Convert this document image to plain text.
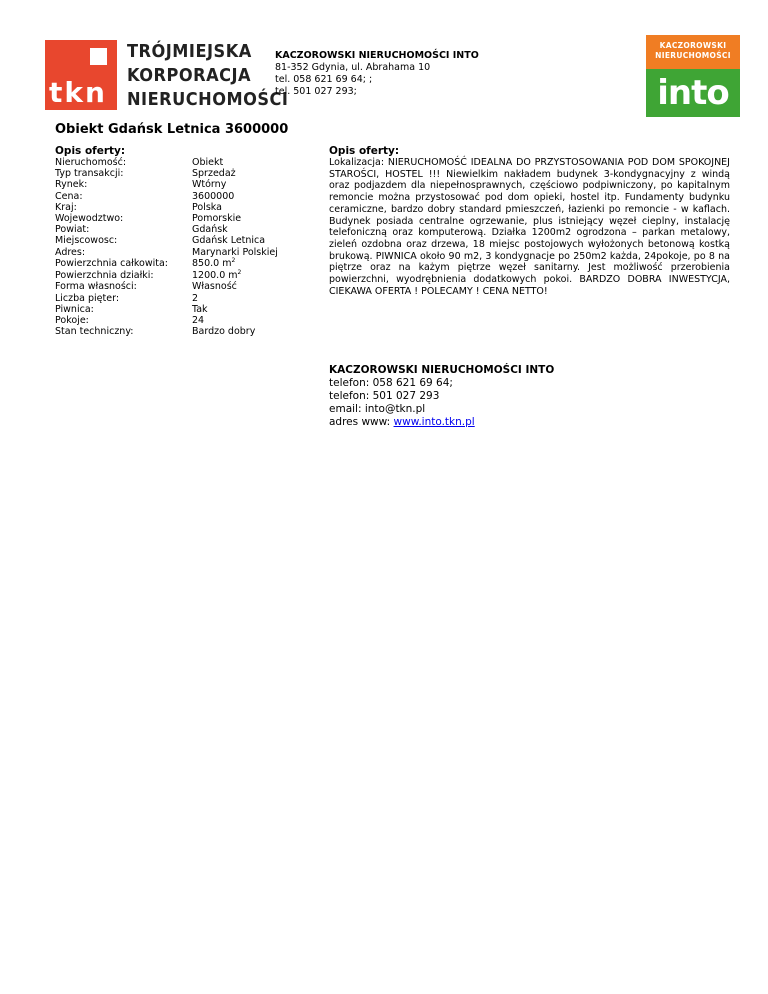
tkn
TRÓJMIEJSKA
KORPORACJA
NIERUCHOMOŚCI
KACZOROWSKI NIERUCHOMOŚCI INTO
81-352 Gdynia, ul. Abrahama 10
tel. 058 621 69 64; ;
tel. 501 027 293;
KACZOROWSKI
NIERUCHOMOŚCI
into
Obiekt Gdańsk Letnica 3600000
Opis oferty:	Opis oferty:
Nieruchomość:	Obiekt
Typ transakcji:	Sprzedaż
Rynek:	Wtórny
Cena:	3600000
Kraj:	Polska
Wojewodztwo:	Pomorskie
Powiat:	Gdańsk
Miejscowosc:	Gdańsk Letnica
Adres:	Marynarki Polskiej
Powierzchnia całkowita:	850.0 $m^2$
Powierzchnia działki:	1200.0 $m^2$
Forma własności:	Własność
Liczba pięter:	2
Piwnica:	Tak
Pokoje:	24
Stan techniczny:	Bardzo dobry
Lokalizacja: NIERUCHOMOŚĆ IDEALNA DO PRZYSTOSOWANIA POD DOM SPOKOJNEJ STAROŚCI, HOSTEL !!! Niewielkim nakładem budynek 3-kondygnacyjny z windą oraz podjazdem dla niepełnosprawnych, częściowo podpiwniczony, po kapitalnym remoncie można przystosować pod dom opieki, hostel itp. Fundamenty budynku ceramiczne, bardzo dobry standard pmieszczeń, łazienki po remoncie - w kaflach. Budynek posiada centralne ogrzewanie, plus istniejący węzeł cieplny, instalację telefoniczną oraz komputerową. Działka 1200m2 ogrodzona – parkan metalowy, zieleń ozdobna oraz drzewa, 18 miejsc postojowych wyłożonych betonową kostką brukową. PIWNICA około 90 m2, 3 kondygnacje po 250m2 każda, 24pokoje, po 8 na piętrze oraz na każym piętrze węzeł sanitarny. Jest możliwość przerobienia powierzchni, wyodrębnienia dodatkowych pokoi. BARDZO DOBRA INWESTYCJA, CIEKAWA OFERTA ! POLECAMY ! CENA NETTO!
KACZOROWSKI NIERUCHOMOŚCI INTO
telefon: 058 621 69 64;
telefon: 501 027 293
email: into@tkn.pl
adres www: www.into.tkn.pl
